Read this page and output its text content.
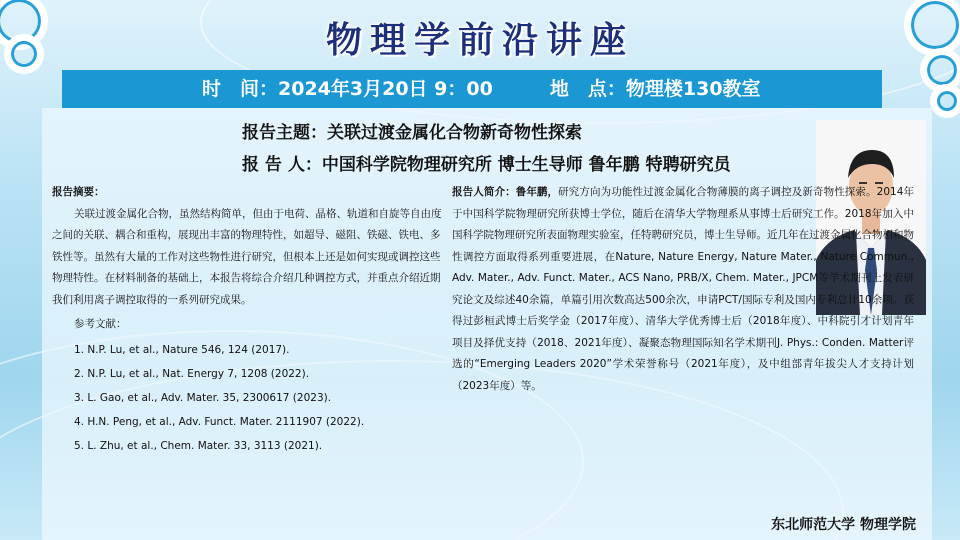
物理学前沿讲座
时　间：2024年3月20日 9：00　　　	地　点：物理楼130教室
报告主题：关联过渡金属化合物新奇物性探索
报 告 人：中国科学院物理研究所 博士生导师 鲁年鹏 特聘研究员
报告摘要：
关联过渡金属化合物，虽然结构简单，但由于电荷、晶格、轨道和自旋等自由度之间的关联、耦合和重构，展现出丰富的物理特性，如超导、磁阻、铁磁、铁电、多铁性等。虽然有大量的工作对这些物性进行研究，但根本上还是如何实现或调控这些物理特性。在材料制备的基础上，本报告将综合介绍几种调控方式，并重点介绍近期我们利用离子调控取得的一系列研究成果。
参考文献：
1. N.P. Lu, et al., Nature 546, 124 (2017).
2. N.P. Lu, et al., Nat. Energy 7, 1208 (2022).
3. L. Gao, et al., Adv. Mater. 35, 2300617 (2023).
4. H.N. Peng, et al., Adv. Funct. Mater. 2111907 (2022).
5. L. Zhu, et al., Chem. Mater. 33, 3113 (2021).
报告人简介：鲁年鹏，研究方向为功能性过渡金属化合物薄膜的离子调控及新奇物性探索。2014年于中国科学院物理研究所获博士学位，随后在清华大学物理系从事博士后研究工作。2018年加入中国科学院物理研究所表面物理实验室，任特聘研究员，博士生导师。近几年在过渡金属化合物相和物性调控方面取得系列重要进展，在Nature, Nature Energy, Nature Mater., Nature Commun., Adv. Mater., Adv. Funct. Mater., ACS Nano, PRB/X, Chem. Mater., JPCM等学术期刊上发表研究论文及综述40余篇，单篇引用次数高达500余次，申请PCT/国际专利及国内专利总计10余项。获得过彭桓武博士后奖学金（2017年度）、清华大学优秀博士后（2018年度）、中科院引才计划青年项目及择优支持（2018、2021年度）、凝聚态物理国际知名学术期刊J. Phys.: Conden. Matter评选的“Emerging Leaders 2020”学术荣誉称号（2021年度），及中组部青年拔尖人才支持计划（2023年度）等。
东北师范大学 物理学院
